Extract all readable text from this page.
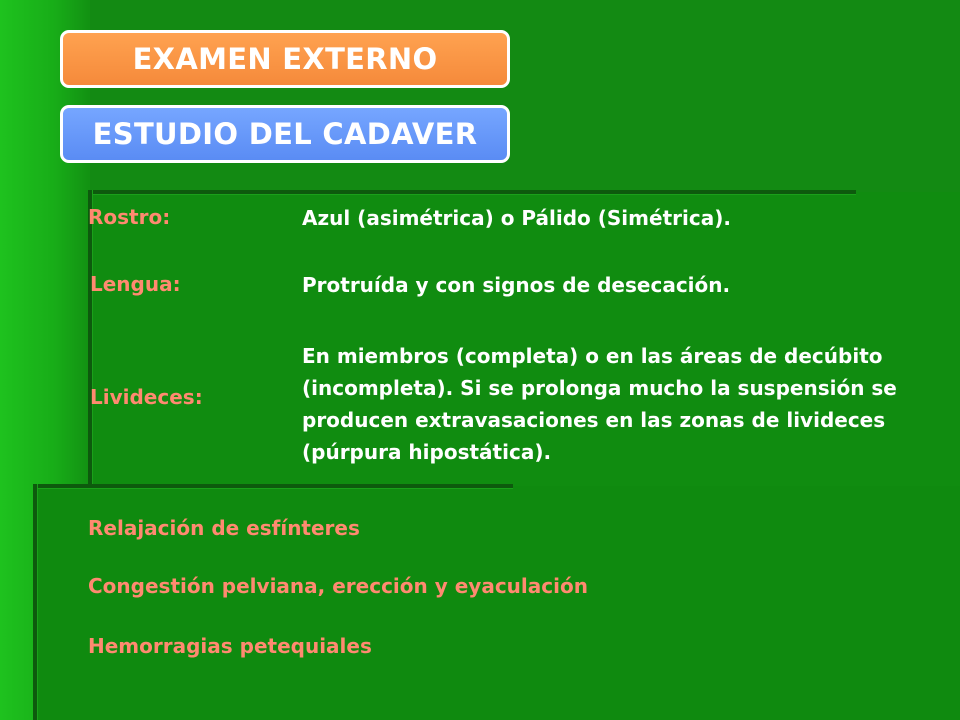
EXAMEN EXTERNO
ESTUDIO DEL CADAVER
Rostro:	Azul (asimétrica) o Pálido (Simétrica).
Lengua:	Protruída y con signos de desecación.
Livideces:
En miembros (completa) o en las áreas de decúbito (incompleta). Si se prolonga mucho la suspensión se producen extravasaciones en las zonas de livideces (púrpura hipostática).
Relajación de esfínteres
Congestión pelviana, erección y eyaculación
Hemorragias petequiales
